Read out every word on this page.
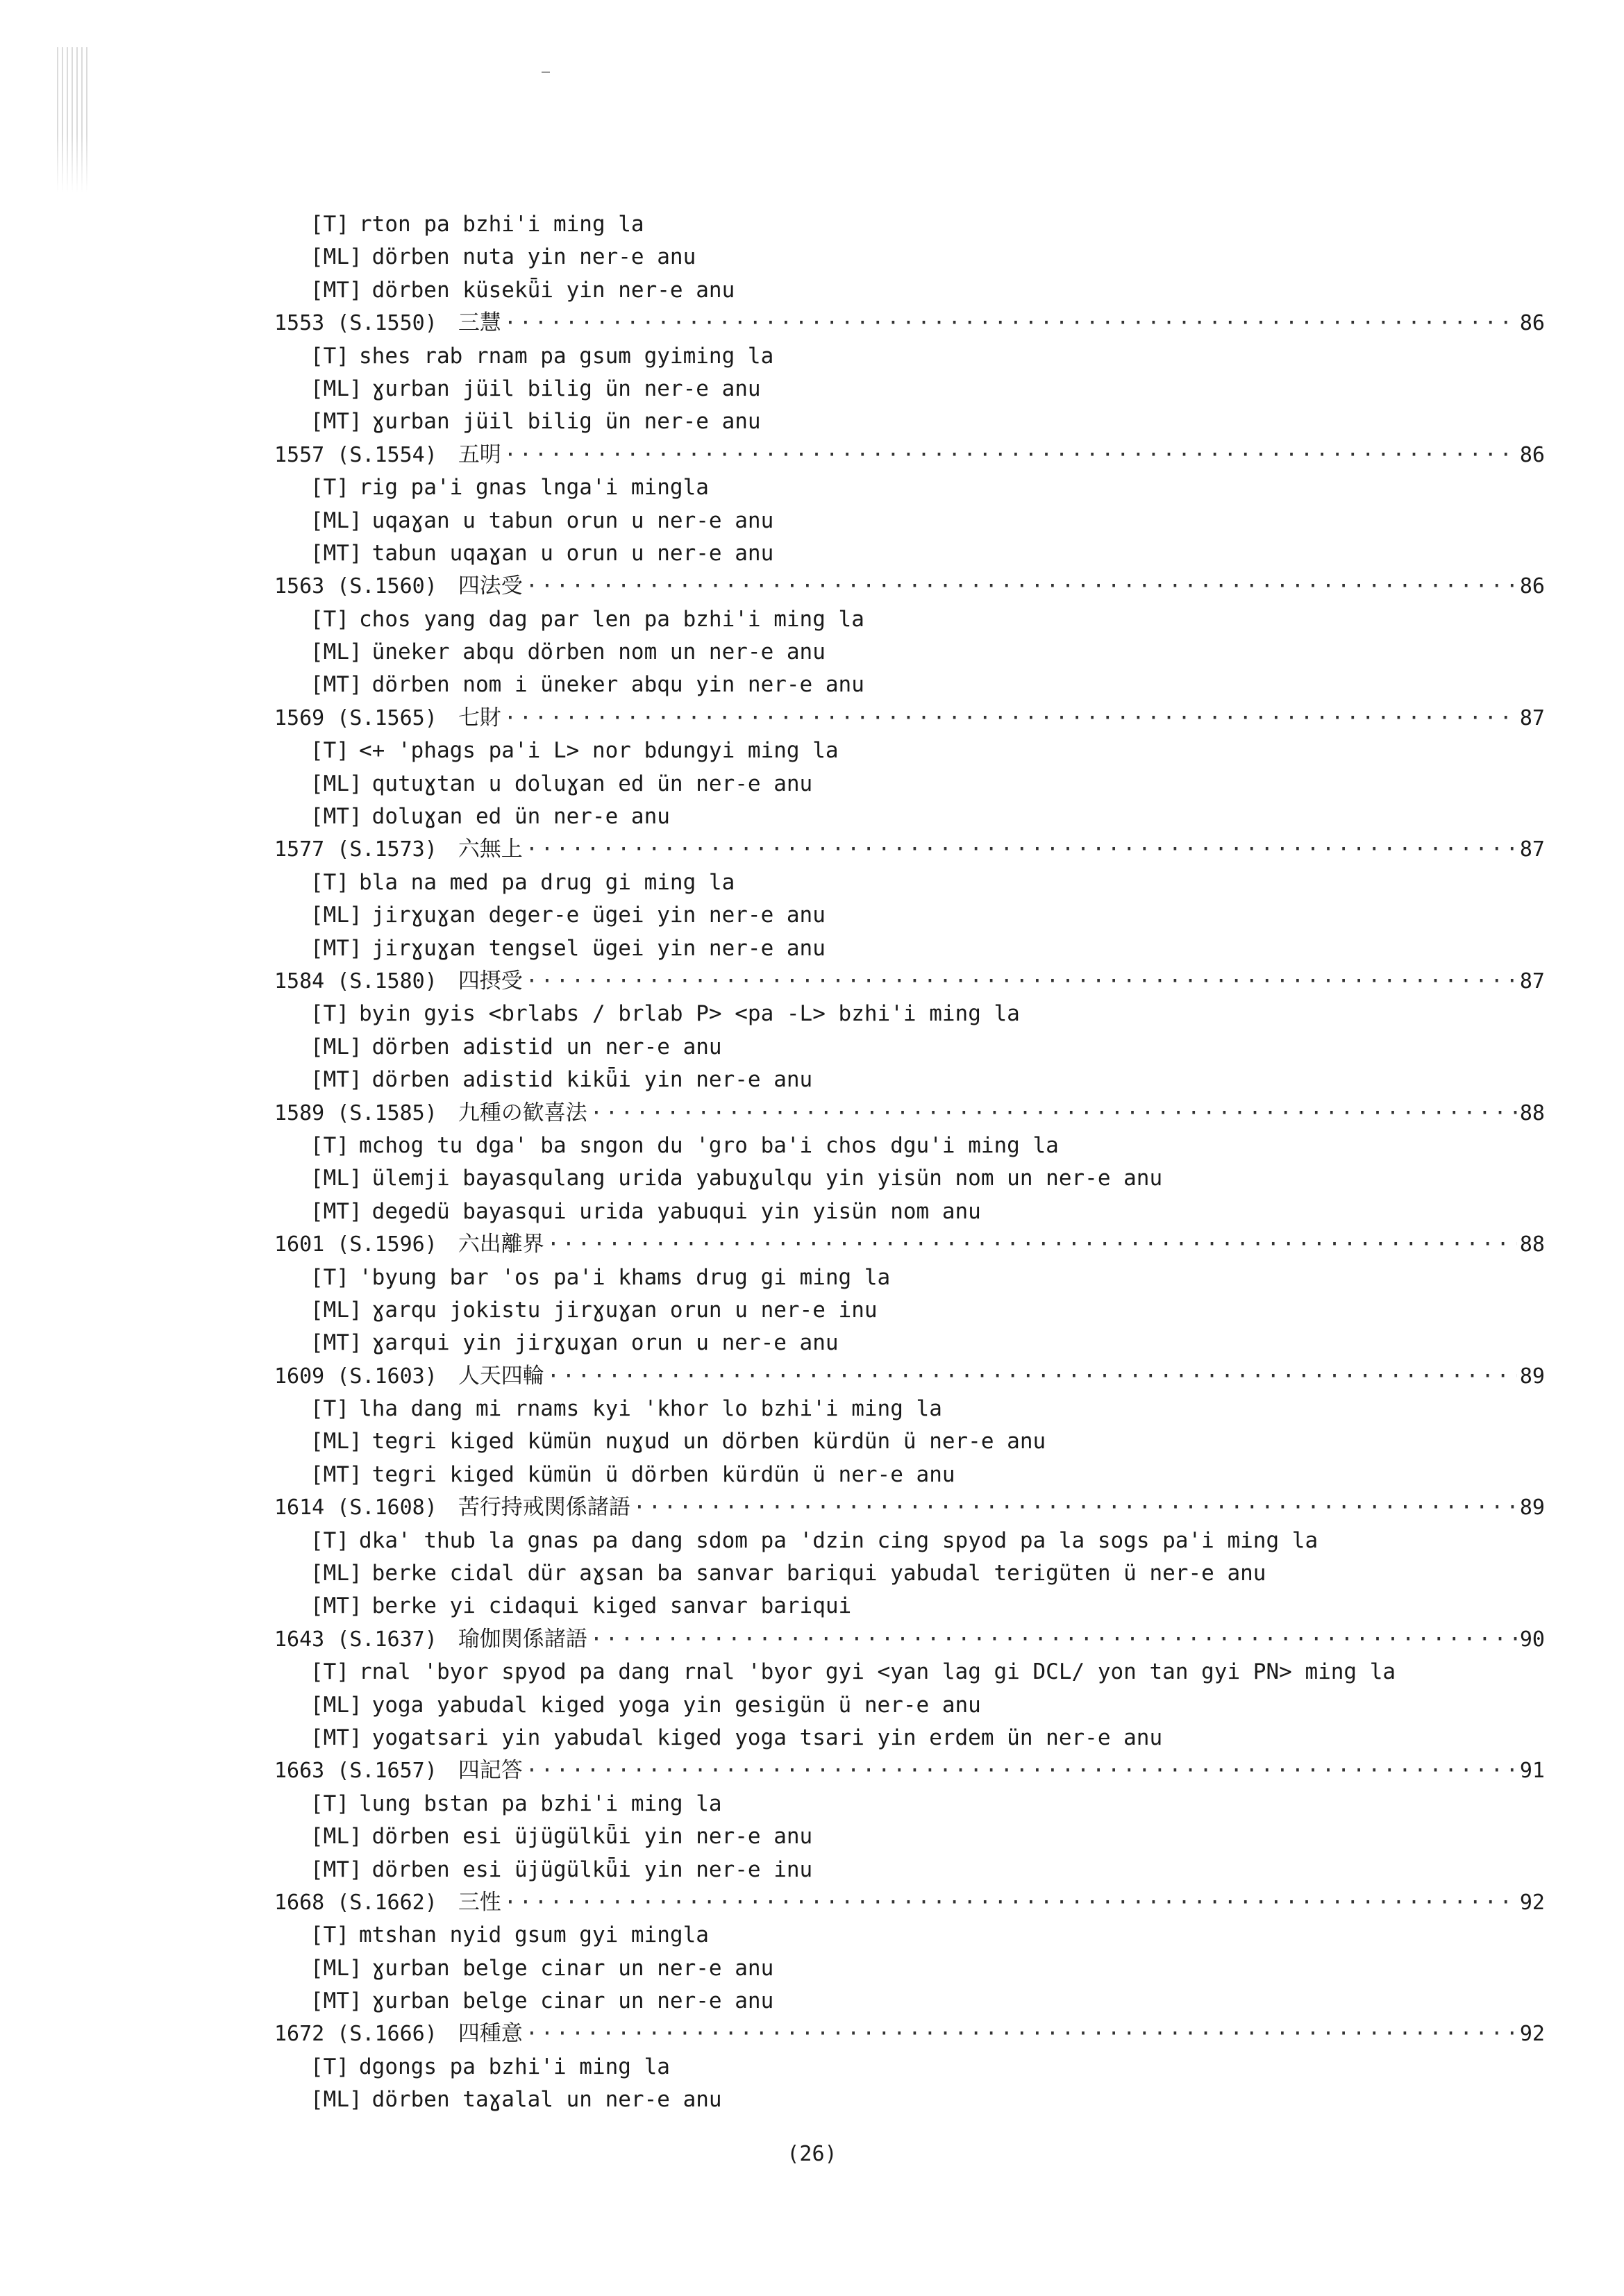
[T] rton pa bzhi'i ming la
[ML] dörben nuta yin ner-e anu
[MT] dörben küsekǖi yin ner-e anu
1553 (S.1550) 三慧 ·····	86
[T] shes rab rnam pa gsum gyiming la
[ML] ɣurban jüil bilig ün ner-e anu
[MT] ɣurban jüil bilig ün ner-e anu
1557 (S.1554) 五明 ·····	86
[T] rig pa'i gnas lnga'i mingla
[ML] uqaɣan u tabun orun u ner-e anu
[MT] tabun uqaɣan u orun u ner-e anu
1563 (S.1560) 四法受 ·····	86
[T] chos yang dag par len pa bzhi'i ming la
[ML] üneker abqu dörben nom un ner-e anu
[MT] dörben nom i üneker abqu yin ner-e anu
1569 (S.1565) 七財 ·····	87
[T] <+ 'phags pa'i L> nor bdungyi ming la
[ML] qutuɣtan u doluɣan ed ün ner-e anu
[MT] doluɣan ed ün ner-e anu
1577 (S.1573) 六無上 ·····	87
[T] bla na med pa drug gi ming la
[ML] jirɣuɣan deger-e ügei yin ner-e anu
[MT] jirɣuɣan tengsel ügei yin ner-e anu
1584 (S.1580) 四摂受 ·····	87
[T] byin gyis <brlabs / brlab P> <pa -L> bzhi'i ming la
[ML] dörben adistid un ner-e anu
[MT] dörben adistid kikǖi yin ner-e anu
1589 (S.1585) 九種の歓喜法 ·····	88
[T] mchog tu dga' ba sngon du 'gro ba'i chos dgu'i ming la
[ML] ülemji bayasqulang urida yabuɣulqu yin yisün nom un ner-e anu
[MT] degedü bayasqui urida yabuqui yin yisün nom anu
1601 (S.1596) 六出離界 ·····	88
[T] 'byung bar 'os pa'i khams drug gi ming la
[ML] ɣarqu jokistu jirɣuɣan orun u ner-e inu
[MT] ɣarqui yin jirɣuɣan orun u ner-e anu
1609 (S.1603) 人天四輪 ·····	89
[T] lha dang mi rnams kyi 'khor lo bzhi'i ming la
[ML] tegri kiged kümün nuɣud un dörben kürdün ü ner-e anu
[MT] tegri kiged kümün ü dörben kürdün ü ner-e anu
1614 (S.1608) 苦行持戒関係諸語 ·····	89
[T] dka' thub la gnas pa dang sdom pa 'dzin cing spyod pa la sogs pa'i ming la
[ML] berke cidal dür aɣsan ba sanvar bariqui yabudal terigüten ü ner-e anu
[MT] berke yi cidaqui kiged sanvar bariqui
1643 (S.1637) 瑜伽関係諸語 ·····	90
[T] rnal 'byor spyod pa dang rnal 'byor gyi <yan lag gi DCL/ yon tan gyi PN> ming la
[ML] yoga yabudal kiged yoga yin gesigün ü ner-e anu
[MT] yogatsari yin yabudal kiged yoga tsari yin erdem ün ner-e anu
1663 (S.1657) 四記答 ·····	91
[T] lung bstan pa bzhi'i ming la
[ML] dörben esi üjügülkǖi yin ner-e anu
[MT] dörben esi üjügülkǖi yin ner-e inu
1668 (S.1662) 三性 ·····	92
[T] mtshan nyid gsum gyi mingla
[ML] ɣurban belge cinar un ner-e anu
[MT] ɣurban belge cinar un ner-e anu
1672 (S.1666) 四種意 ·····	92
[T] dgongs pa bzhi'i ming la
[ML] dörben taɣalal un ner-e anu
(26)
